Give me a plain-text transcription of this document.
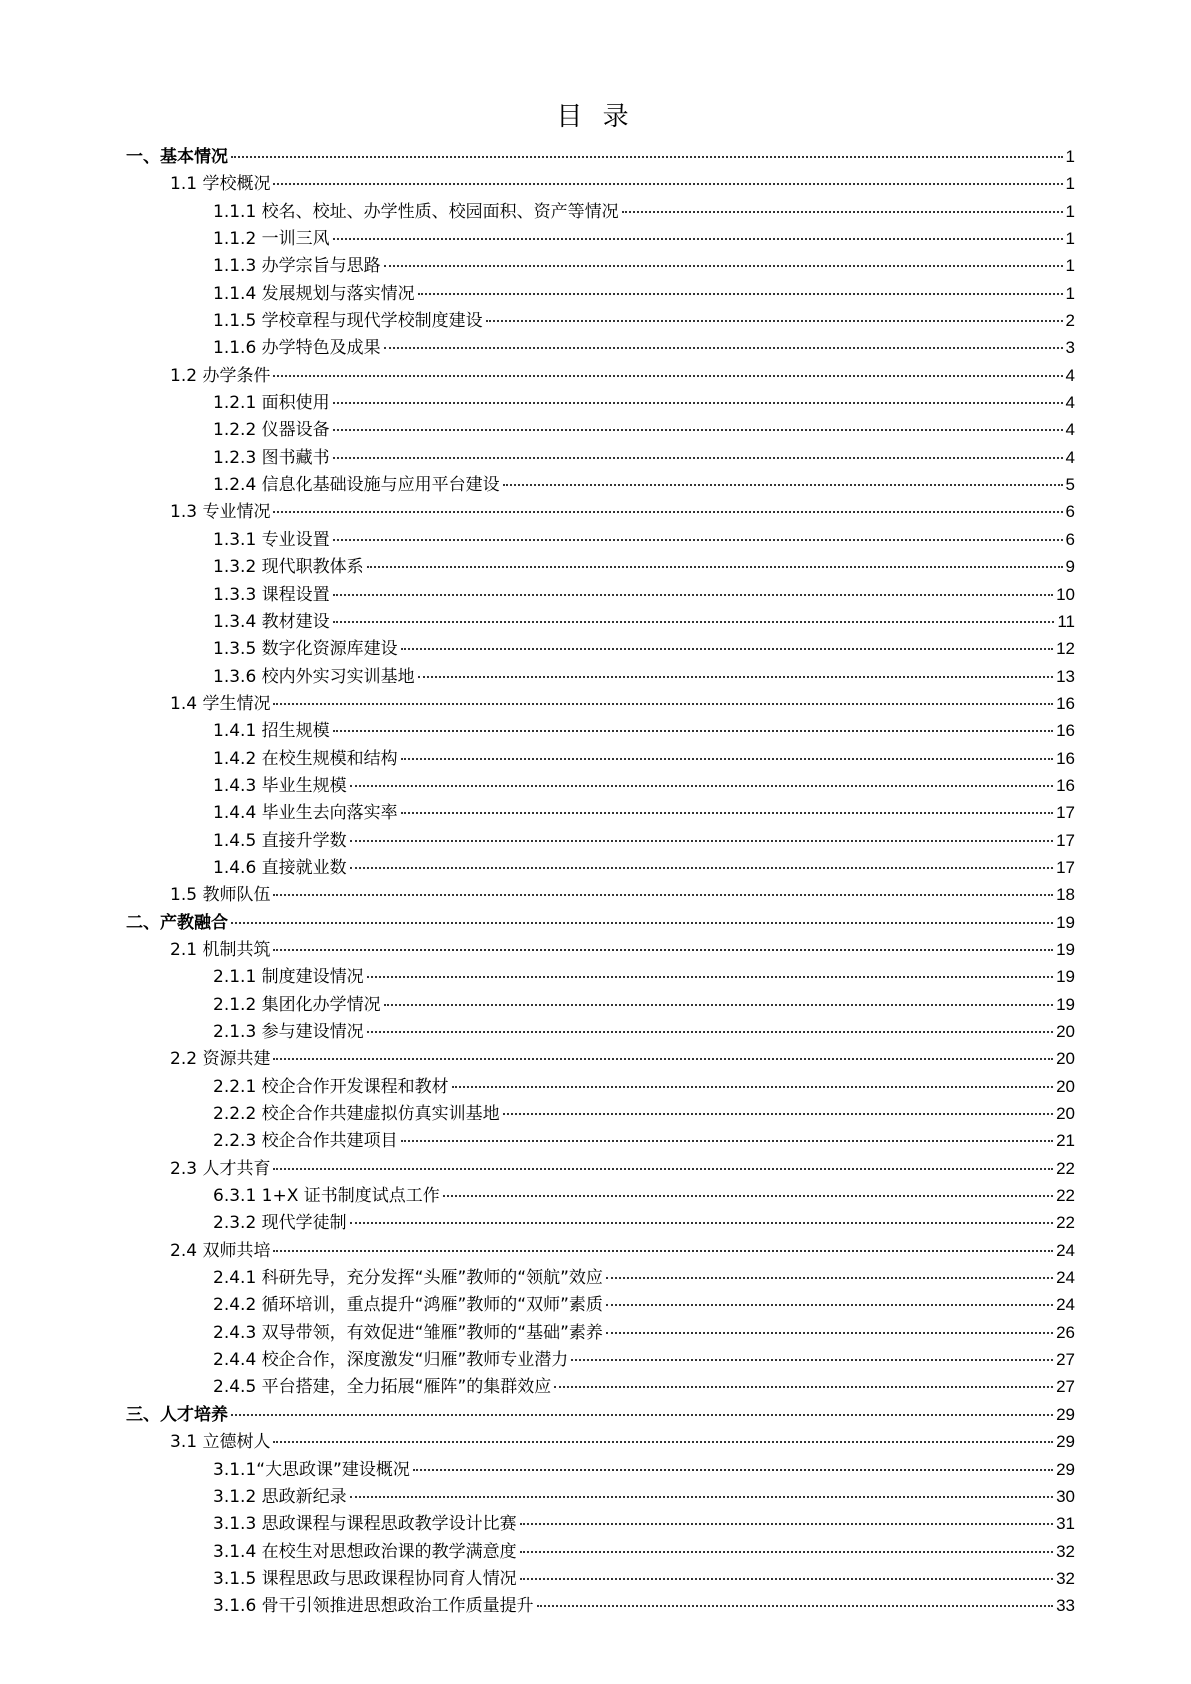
目 录
一、基本情况	1
1.1 学校概况	1
1.1.1 校名、校址、办学性质、校园面积、资产等情况	1
1.1.2 一训三风	1
1.1.3 办学宗旨与思路	1
1.1.4 发展规划与落实情况	1
1.1.5 学校章程与现代学校制度建设	2
1.1.6 办学特色及成果	3
1.2 办学条件	4
1.2.1 面积使用	4
1.2.2 仪器设备	4
1.2.3 图书藏书	4
1.2.4 信息化基础设施与应用平台建设	5
1.3 专业情况	6
1.3.1 专业设置	6
1.3.2 现代职教体系	9
1.3.3 课程设置	10
1.3.4 教材建设	11
1.3.5 数字化资源库建设	12
1.3.6 校内外实习实训基地	13
1.4 学生情况	16
1.4.1 招生规模	16
1.4.2 在校生规模和结构	16
1.4.3 毕业生规模	16
1.4.4 毕业生去向落实率	17
1.4.5 直接升学数	17
1.4.6 直接就业数	17
1.5 教师队伍	18
二、产教融合	19
2.1 机制共筑	19
2.1.1 制度建设情况	19
2.1.2 集团化办学情况	19
2.1.3 参与建设情况	20
2.2 资源共建	20
2.2.1 校企合作开发课程和教材	20
2.2.2 校企合作共建虚拟仿真实训基地	20
2.2.3 校企合作共建项目	21
2.3 人才共育	22
6.3.1 1+X 证书制度试点工作	22
2.3.2 现代学徒制	22
2.4 双师共培	24
2.4.1 科研先导，充分发挥“头雁”教师的“领航”效应	24
2.4.2 循环培训，重点提升“鸿雁”教师的“双师”素质	24
2.4.3 双导带领，有效促进“雏雁”教师的“基础”素养	26
2.4.4 校企合作，深度激发“归雁”教师专业潜力	27
2.4.5 平台搭建，全力拓展“雁阵”的集群效应	27
三、人才培养	29
3.1 立德树人	29
3.1.1“大思政课”建设概况	29
3.1.2 思政新纪录	30
3.1.3 思政课程与课程思政教学设计比赛	31
3.1.4 在校生对思想政治课的教学满意度	32
3.1.5 课程思政与思政课程协同育人情况	32
3.1.6 骨干引领推进思想政治工作质量提升	33
